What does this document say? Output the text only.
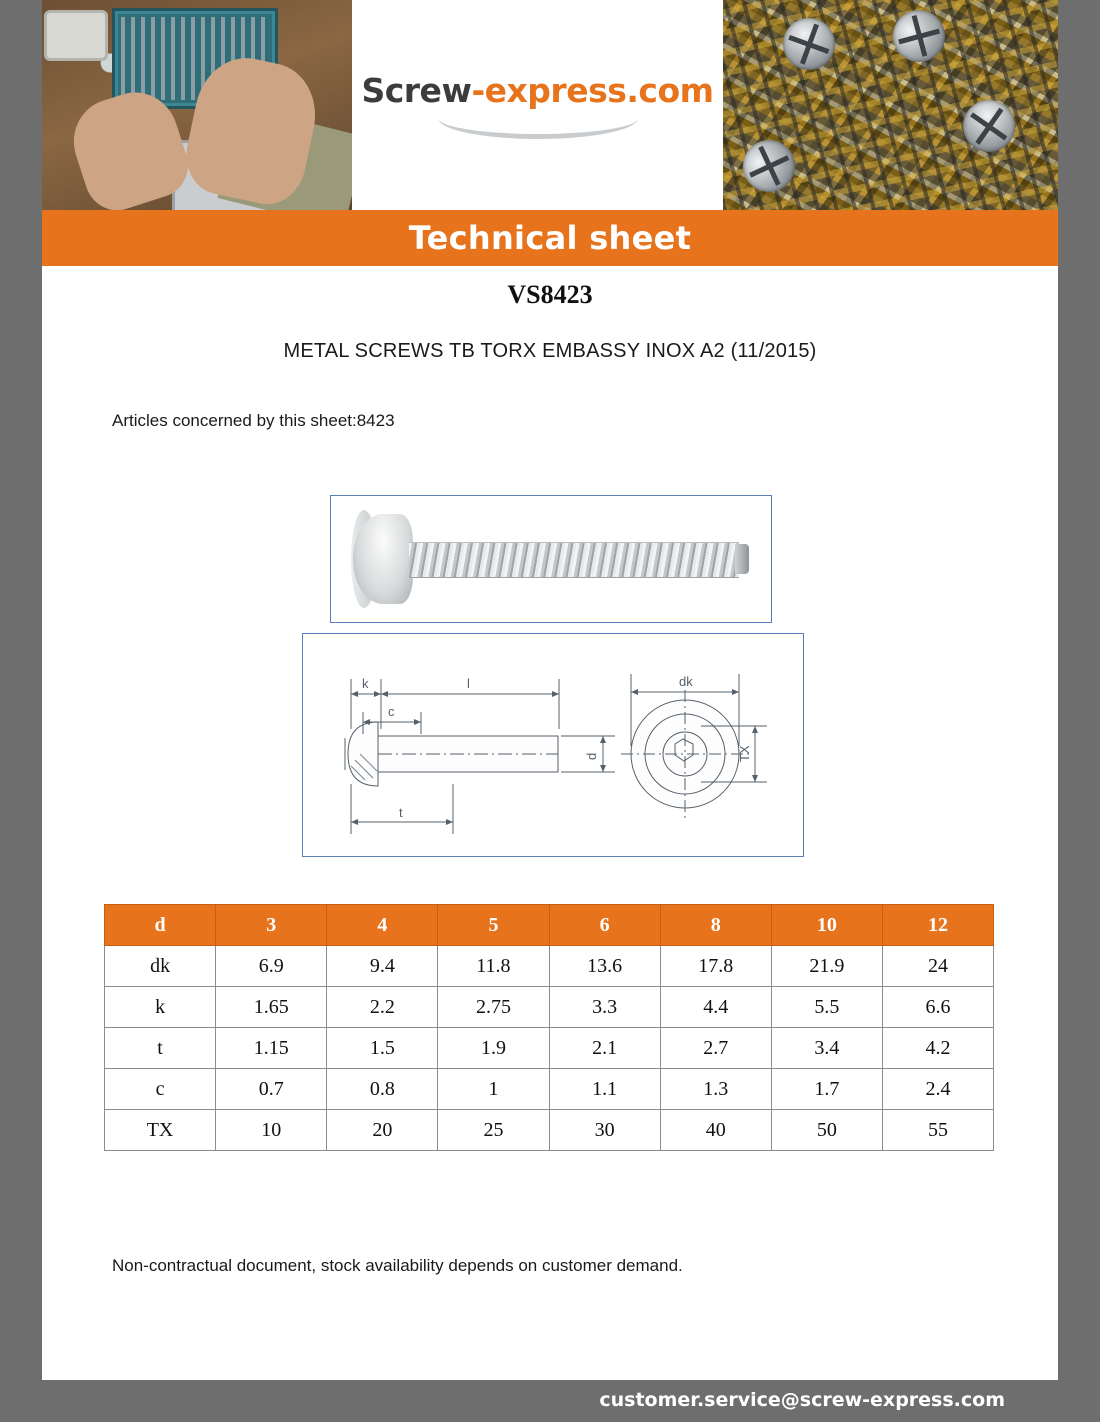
Screw-express.com
Technical sheet
VS8423
METAL SCREWS TB TORX EMBASSY INOX A2 (11/2015)
Articles concerned by this sheet:8423
k	l
c
t
d
dk
TX
d	3	4	5	6	8	10	12
dk	6.9	9.4	11.8	13.6	17.8	21.9	24
k	1.65	2.2	2.75	3.3	4.4	5.5	6.6
t	1.15	1.5	1.9	2.1	2.7	3.4	4.2
c	0.7	0.8	1	1.1	1.3	1.7	2.4
TX	10	20	25	30	40	50	55
Non-contractual document, stock availability depends on customer demand.
customer.service@screw-express.com
